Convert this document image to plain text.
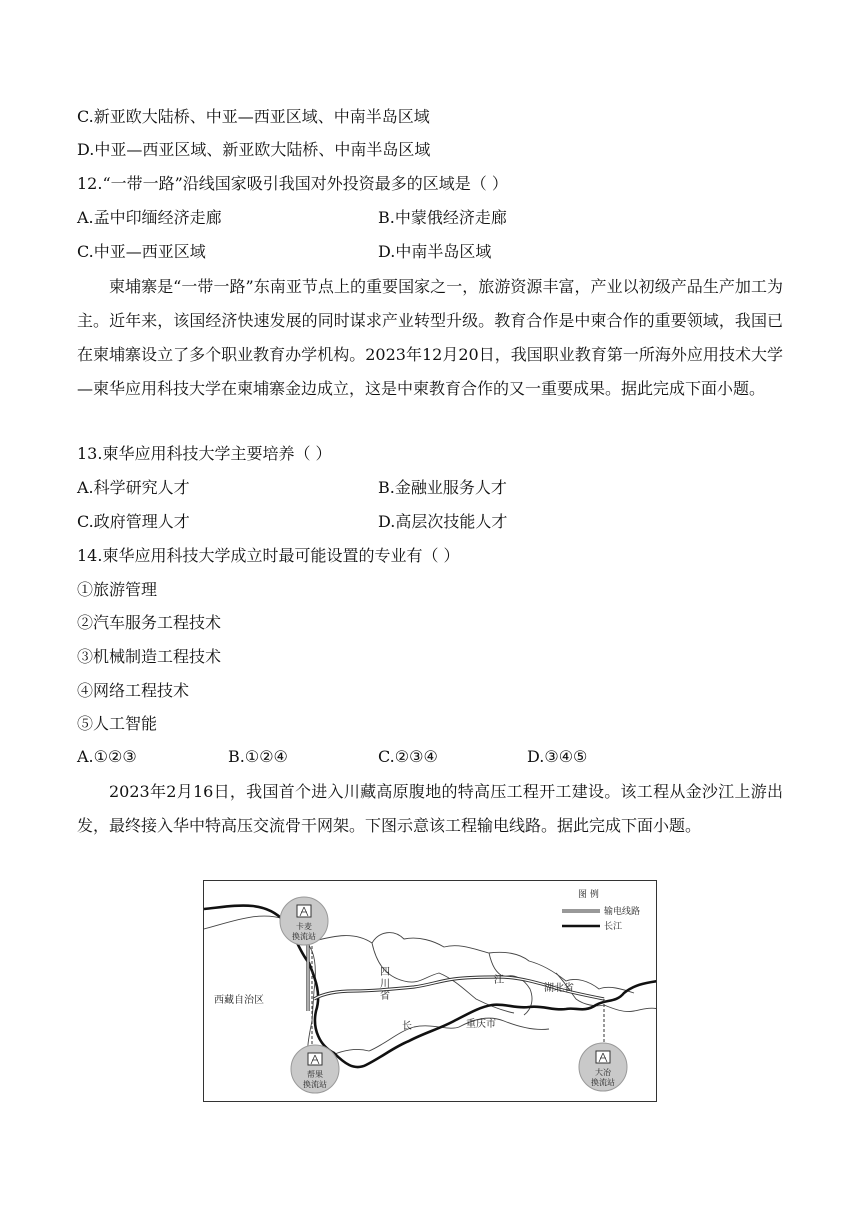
C.新亚欧大陆桥、中亚—西亚区域、中南半岛区域
D.中亚—西亚区域、新亚欧大陆桥、中南半岛区域
12.“一带一路”沿线国家吸引我国对外投资最多的区域是（ ）
A.孟中印缅经济走廊	B.中蒙俄经济走廊
C.中亚—西亚区域	D.中南半岛区域
柬埔寨是“一带一路”东南亚节点上的重要国家之一，旅游资源丰富，产业以初级产品生产加工为主。近年来，该国经济快速发展的同时谋求产业转型升级。教育合作是中柬合作的重要领域，我国已在柬埔寨设立了多个职业教育办学机构。2023年12月20日，我国职业教育第一所海外应用技术大学—柬华应用科技大学在柬埔寨金边成立，这是中柬教育合作的又一重要成果。据此完成下面小题。
13.柬华应用科技大学主要培养（ ）
A.科学研究人才	B.金融业服务人才
C.政府管理人才	D.高层次技能人才
14.柬华应用科技大学成立时最可能设置的专业有（ ）
①旅游管理
②汽车服务工程技术
③机械制造工程技术
④网络工程技术
⑤人工智能
A.①②③	B.①②④	C.②③④	D.③④⑤
2023年2月16日，我国首个进入川藏高原腹地的特高压工程开工建设。该工程从金沙江上游出发，最终接入华中特高压交流骨干网架。下图示意该工程输电线路。据此完成下面小题。
卡麦
换流站
帮果
换流站
大冶
换流站
西藏自治区
四
川
省
湖北省
重庆市
江
长
图 例
输电线路
长江
